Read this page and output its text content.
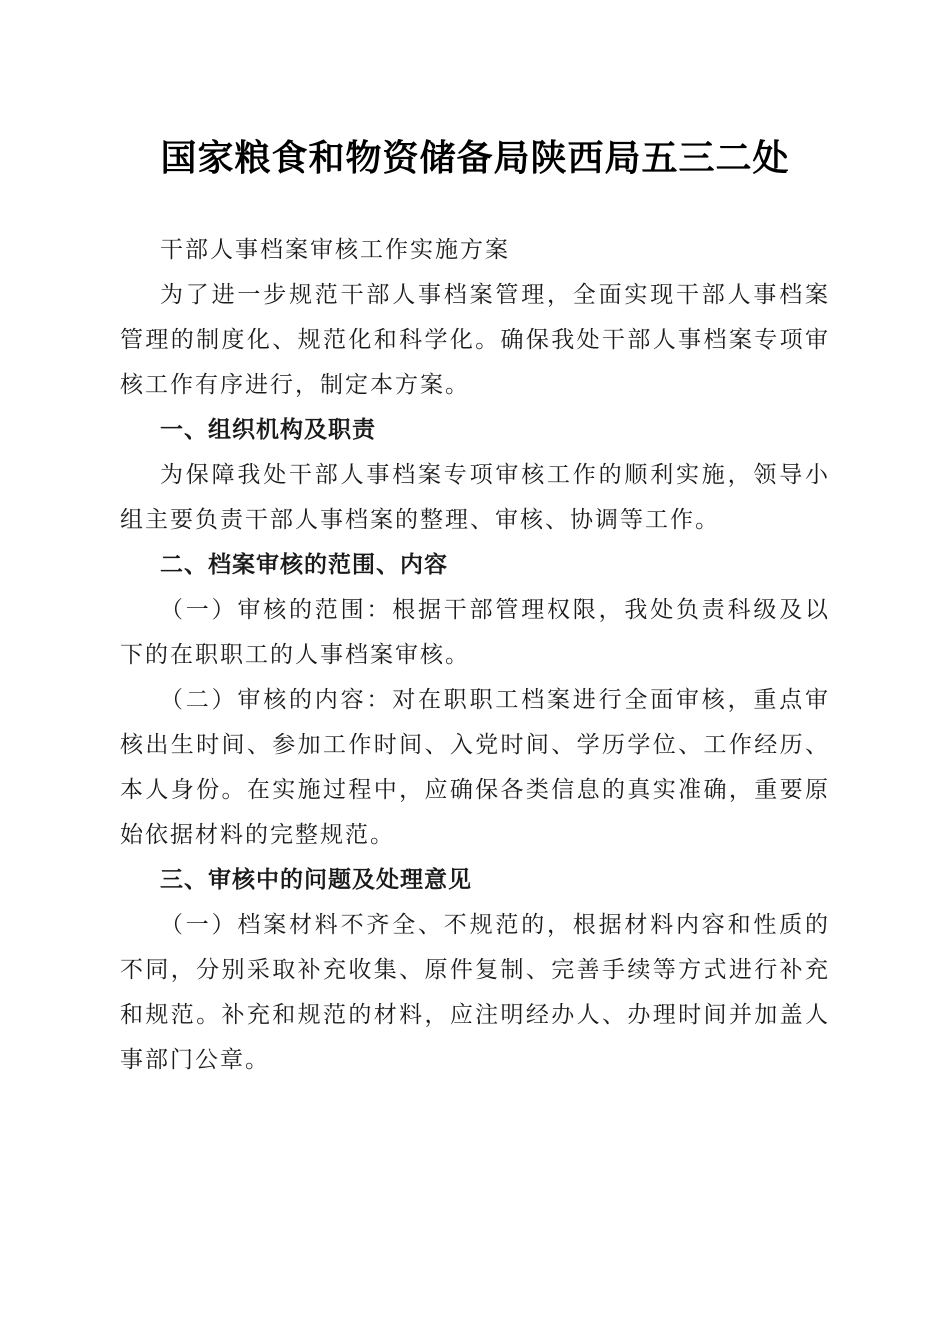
国家粮食和物资储备局陕西局五三二处

干部人事档案审核工作实施方案

为了进一步规范干部人事档案管理，全面实现干部人事档案管理的制度化、规范化和科学化。确保我处干部人事档案专项审核工作有序进行，制定本方案。

一、组织机构及职责

为保障我处干部人事档案专项审核工作的顺利实施，领导小组主要负责干部人事档案的整理、审核、协调等工作。

二、档案审核的范围、内容

（一）审核的范围：根据干部管理权限，我处负责科级及以下的在职职工的人事档案审核。

（二）审核的内容：对在职职工档案进行全面审核，重点审核出生时间、参加工作时间、入党时间、学历学位、工作经历、本人身份。在实施过程中，应确保各类信息的真实准确，重要原始依据材料的完整规范。

三、审核中的问题及处理意见

（一）档案材料不齐全、不规范的，根据材料内容和性质的不同，分别采取补充收集、原件复制、完善手续等方式进行补充和规范。补充和规范的材料，应注明经办人、办理时间并加盖人事部门公章。
